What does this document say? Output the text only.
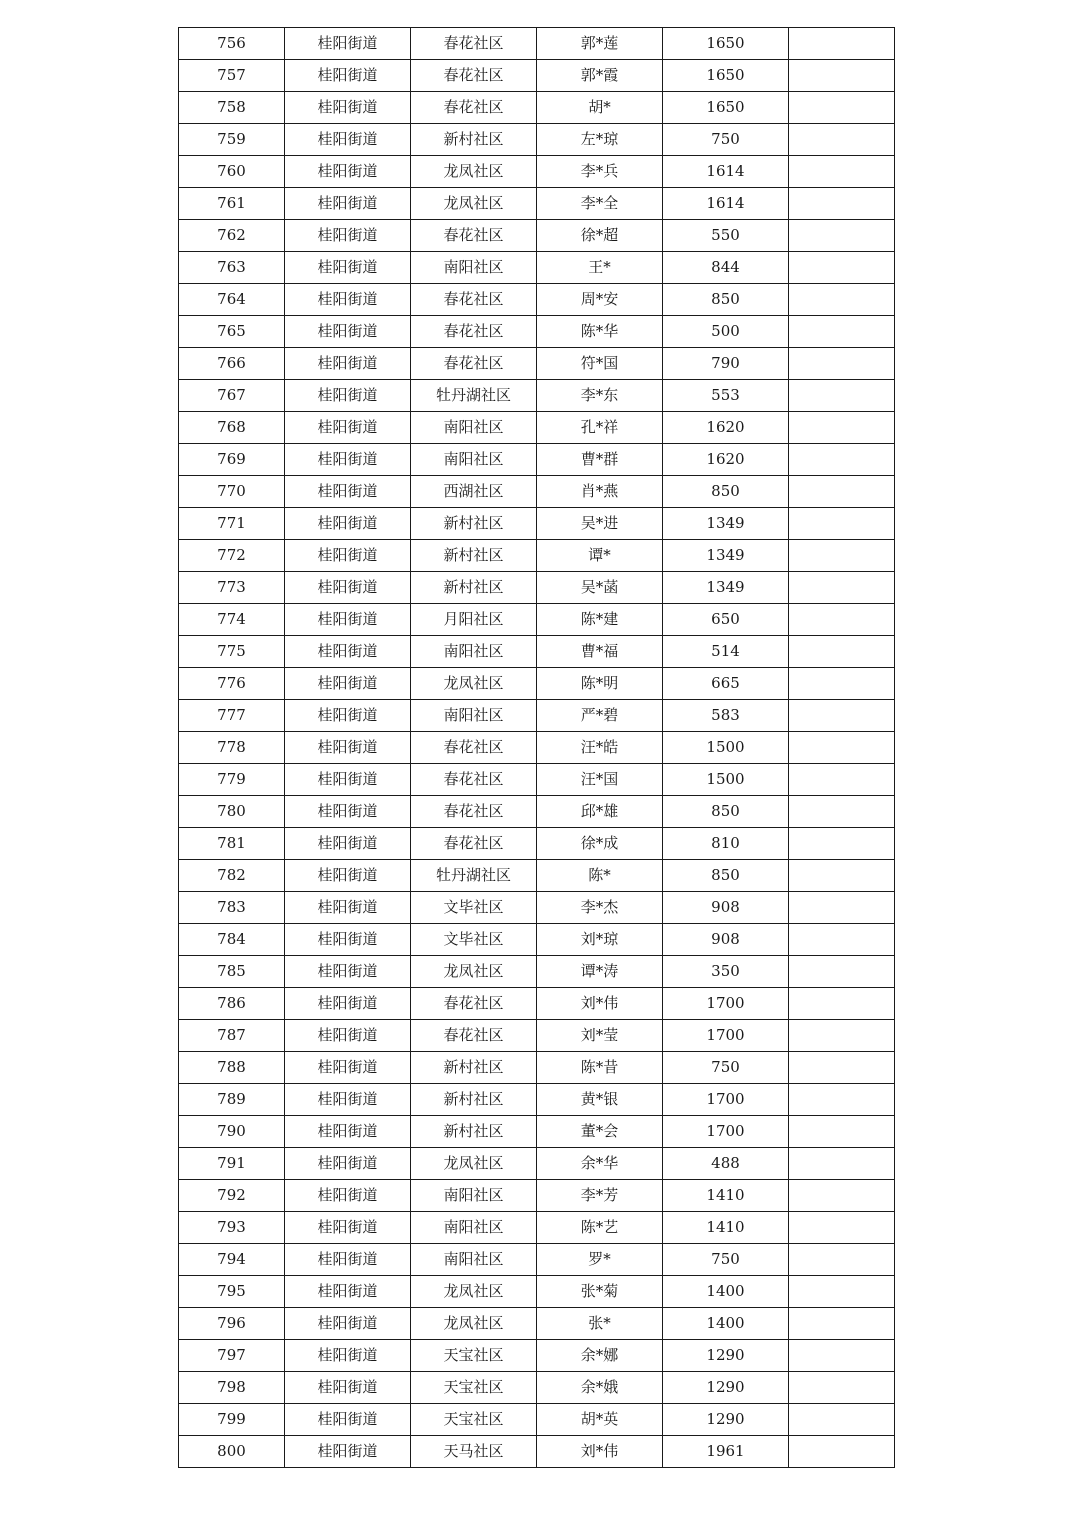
756	桂阳街道	春花社区	郭*莲	1650	
757	桂阳街道	春花社区	郭*霞	1650	
758	桂阳街道	春花社区	胡*	1650	
759	桂阳街道	新村社区	左*琼	750	
760	桂阳街道	龙凤社区	李*兵	1614	
761	桂阳街道	龙凤社区	李*全	1614	
762	桂阳街道	春花社区	徐*超	550	
763	桂阳街道	南阳社区	王*	844	
764	桂阳街道	春花社区	周*安	850	
765	桂阳街道	春花社区	陈*华	500	
766	桂阳街道	春花社区	符*国	790	
767	桂阳街道	牡丹湖社区	李*东	553	
768	桂阳街道	南阳社区	孔*祥	1620	
769	桂阳街道	南阳社区	曹*群	1620	
770	桂阳街道	西湖社区	肖*燕	850	
771	桂阳街道	新村社区	吴*进	1349	
772	桂阳街道	新村社区	谭*	1349	
773	桂阳街道	新村社区	吴*菡	1349	
774	桂阳街道	月阳社区	陈*建	650	
775	桂阳街道	南阳社区	曹*福	514	
776	桂阳街道	龙凤社区	陈*明	665	
777	桂阳街道	南阳社区	严*碧	583	
778	桂阳街道	春花社区	汪*皓	1500	
779	桂阳街道	春花社区	汪*国	1500	
780	桂阳街道	春花社区	邱*雄	850	
781	桂阳街道	春花社区	徐*成	810	
782	桂阳街道	牡丹湖社区	陈*	850	
783	桂阳街道	文毕社区	李*杰	908	
784	桂阳街道	文毕社区	刘*琼	908	
785	桂阳街道	龙凤社区	谭*涛	350	
786	桂阳街道	春花社区	刘*伟	1700	
787	桂阳街道	春花社区	刘*莹	1700	
788	桂阳街道	新村社区	陈*昔	750	
789	桂阳街道	新村社区	黄*银	1700	
790	桂阳街道	新村社区	董*会	1700	
791	桂阳街道	龙凤社区	余*华	488	
792	桂阳街道	南阳社区	李*芳	1410	
793	桂阳街道	南阳社区	陈*艺	1410	
794	桂阳街道	南阳社区	罗*	750	
795	桂阳街道	龙凤社区	张*菊	1400	
796	桂阳街道	龙凤社区	张*	1400	
797	桂阳街道	天宝社区	余*娜	1290	
798	桂阳街道	天宝社区	余*娥	1290	
799	桂阳街道	天宝社区	胡*英	1290	
800	桂阳街道	天马社区	刘*伟	1961	
